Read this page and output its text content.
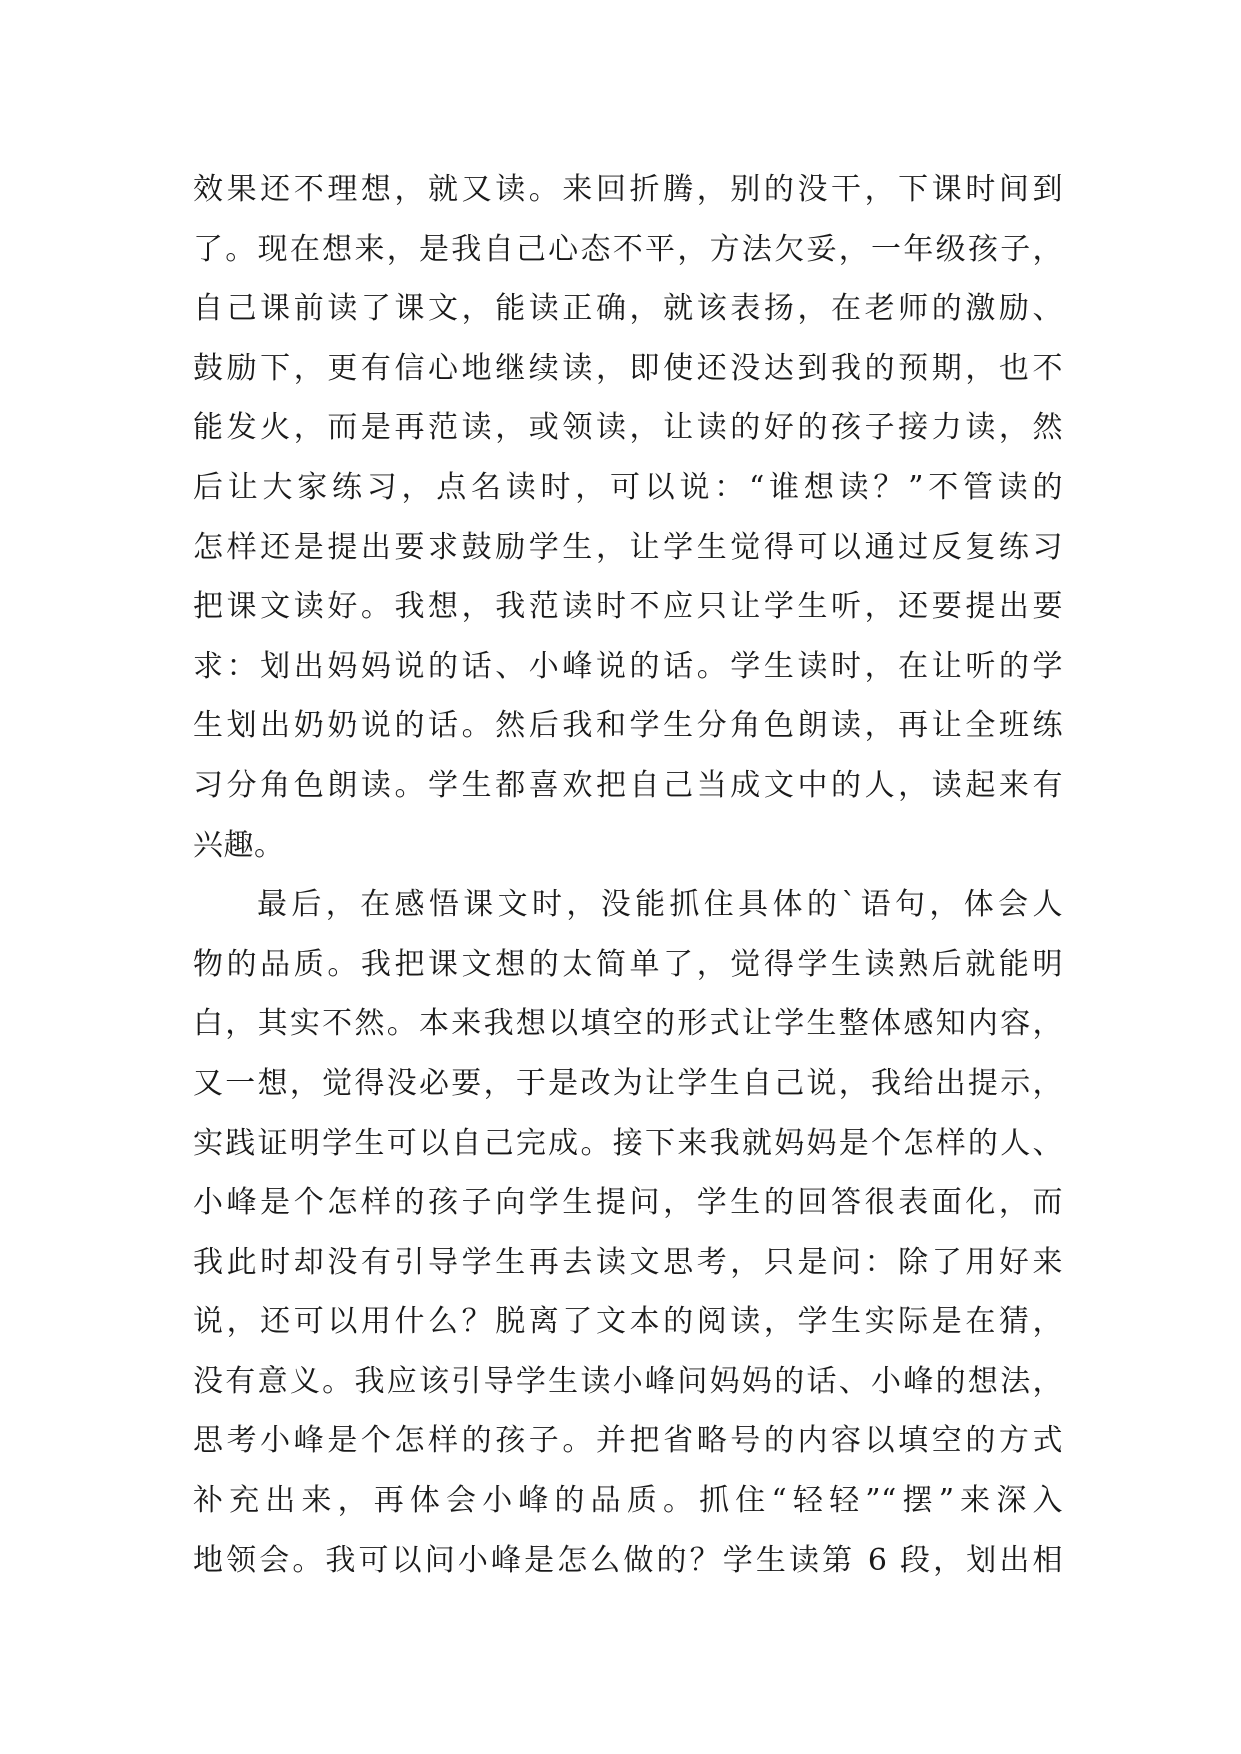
效果还不理想，就又读。来回折腾，别的没干，下课时间到
了。现在想来，是我自己心态不平，方法欠妥，一年级孩子，
自己课前读了课文，能读正确，就该表扬，在老师的激励、
鼓励下，更有信心地继续读，即使还没达到我的预期，也不
能发火，而是再范读，或领读，让读的好的孩子接力读，然
后让大家练习，点名读时，可以说：“谁想读？”不管读的
怎样还是提出要求鼓励学生，让学生觉得可以通过反复练习
把课文读好。我想，我范读时不应只让学生听，还要提出要
求：划出妈妈说的话、小峰说的话。学生读时，在让听的学
生划出奶奶说的话。然后我和学生分角色朗读，再让全班练
习分角色朗读。学生都喜欢把自己当成文中的人，读起来有
兴趣。
最后，在感悟课文时，没能抓住具体的`语句，体会人
物的品质。我把课文想的太简单了，觉得学生读熟后就能明
白，其实不然。本来我想以填空的形式让学生整体感知内容，
又一想，觉得没必要，于是改为让学生自己说，我给出提示，
实践证明学生可以自己完成。接下来我就妈妈是个怎样的人、
小峰是个怎样的孩子向学生提问，学生的回答很表面化，而
我此时却没有引导学生再去读文思考，只是问：除了用好来
说，还可以用什么？脱离了文本的阅读，学生实际是在猜，
没有意义。我应该引导学生读小峰问妈妈的话、小峰的想法，
思考小峰是个怎样的孩子。并把省略号的内容以填空的方式
补充出来，再体会小峰的品质。抓住“轻轻”“摆”来深入
地领会。我可以问小峰是怎么做的？学生读第 6 段，划出相
